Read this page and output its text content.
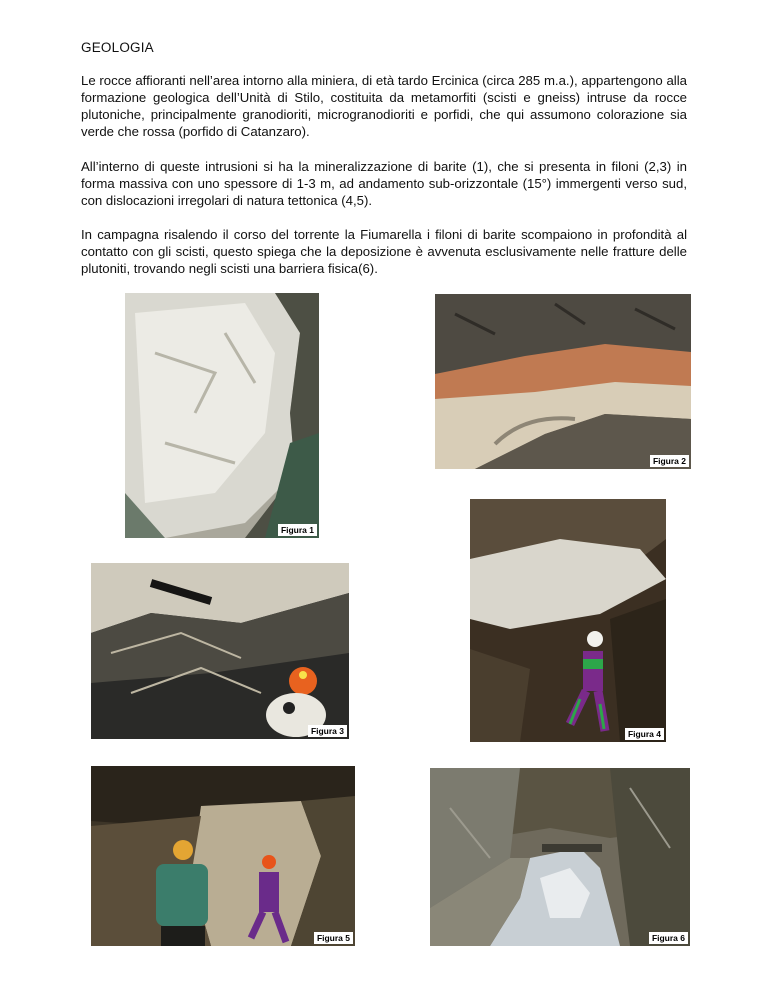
GEOLOGIA

Le rocce affioranti nell’area intorno alla miniera, di età tardo Ercinica (circa 285 m.a.), appartengono alla formazione geologica dell’Unità di Stilo, costituita da metamorfiti (scisti e gneiss) intruse da rocce plutoniche, principalmente granodioriti, microgranodioriti e porfidi, che qui assumono colorazione sia verde che rossa (porfido di Catanzaro).

All’interno di queste intrusioni si ha la mineralizzazione di barite (1), che si presenta in filoni (2,3) in forma massiva con uno spessore di 1-3 m, ad andamento sub-orizzontale (15°) immergenti verso sud, con dislocazioni irregolari di natura tettonica (4,5).

In campagna risalendo il corso del torrente la Fiumarella i filoni di barite scompaiono in profondità al contatto con gli scisti, questo spiega che la deposizione è avvenuta esclusivamente nelle fratture delle plutoniti, trovando negli scisti una barriera fisica(6).

Figura 1
Figura 2
Figura 3	Figura 4
Figura 5	Figura 6
